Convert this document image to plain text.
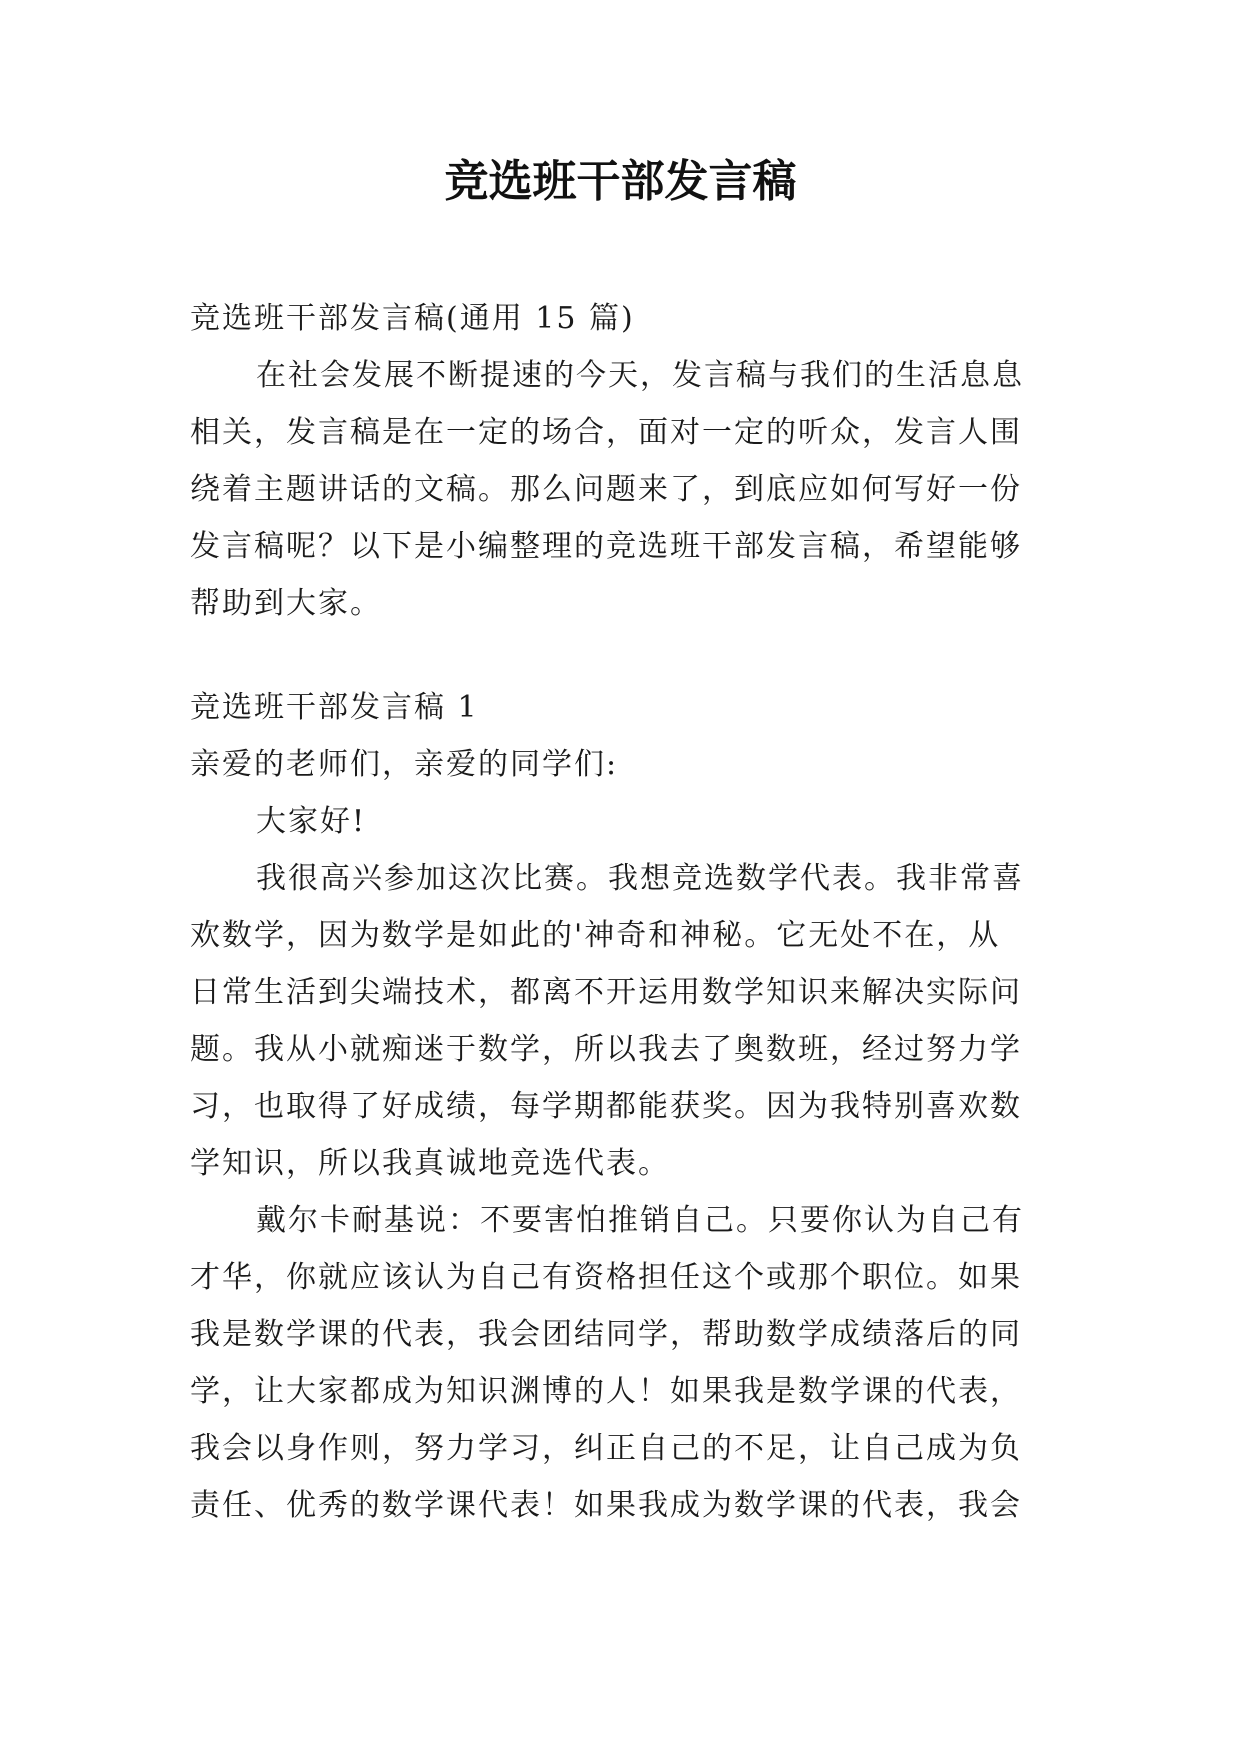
竞选班干部发言稿
竞选班干部发言稿(通用 15 篇)
在社会发展不断提速的今天，发言稿与我们的生活息息
相关，发言稿是在一定的场合，面对一定的听众，发言人围
绕着主题讲话的文稿。那么问题来了，到底应如何写好一份
发言稿呢？以下是小编整理的竞选班干部发言稿，希望能够
帮助到大家。
竞选班干部发言稿 1
亲爱的老师们，亲爱的同学们:
大家好!
我很高兴参加这次比赛。我想竞选数学代表。我非常喜
欢数学，因为数学是如此的'神奇和神秘。它无处不在，从
日常生活到尖端技术，都离不开运用数学知识来解决实际问
题。我从小就痴迷于数学，所以我去了奥数班，经过努力学
习，也取得了好成绩，每学期都能获奖。因为我特别喜欢数
学知识，所以我真诚地竞选代表。
戴尔卡耐基说：不要害怕推销自己。只要你认为自己有
才华，你就应该认为自己有资格担任这个或那个职位。如果
我是数学课的代表，我会团结同学，帮助数学成绩落后的同
学，让大家都成为知识渊博的人！如果我是数学课的代表，
我会以身作则，努力学习，纠正自己的不足，让自己成为负
责任、优秀的数学课代表！如果我成为数学课的代表，我会
